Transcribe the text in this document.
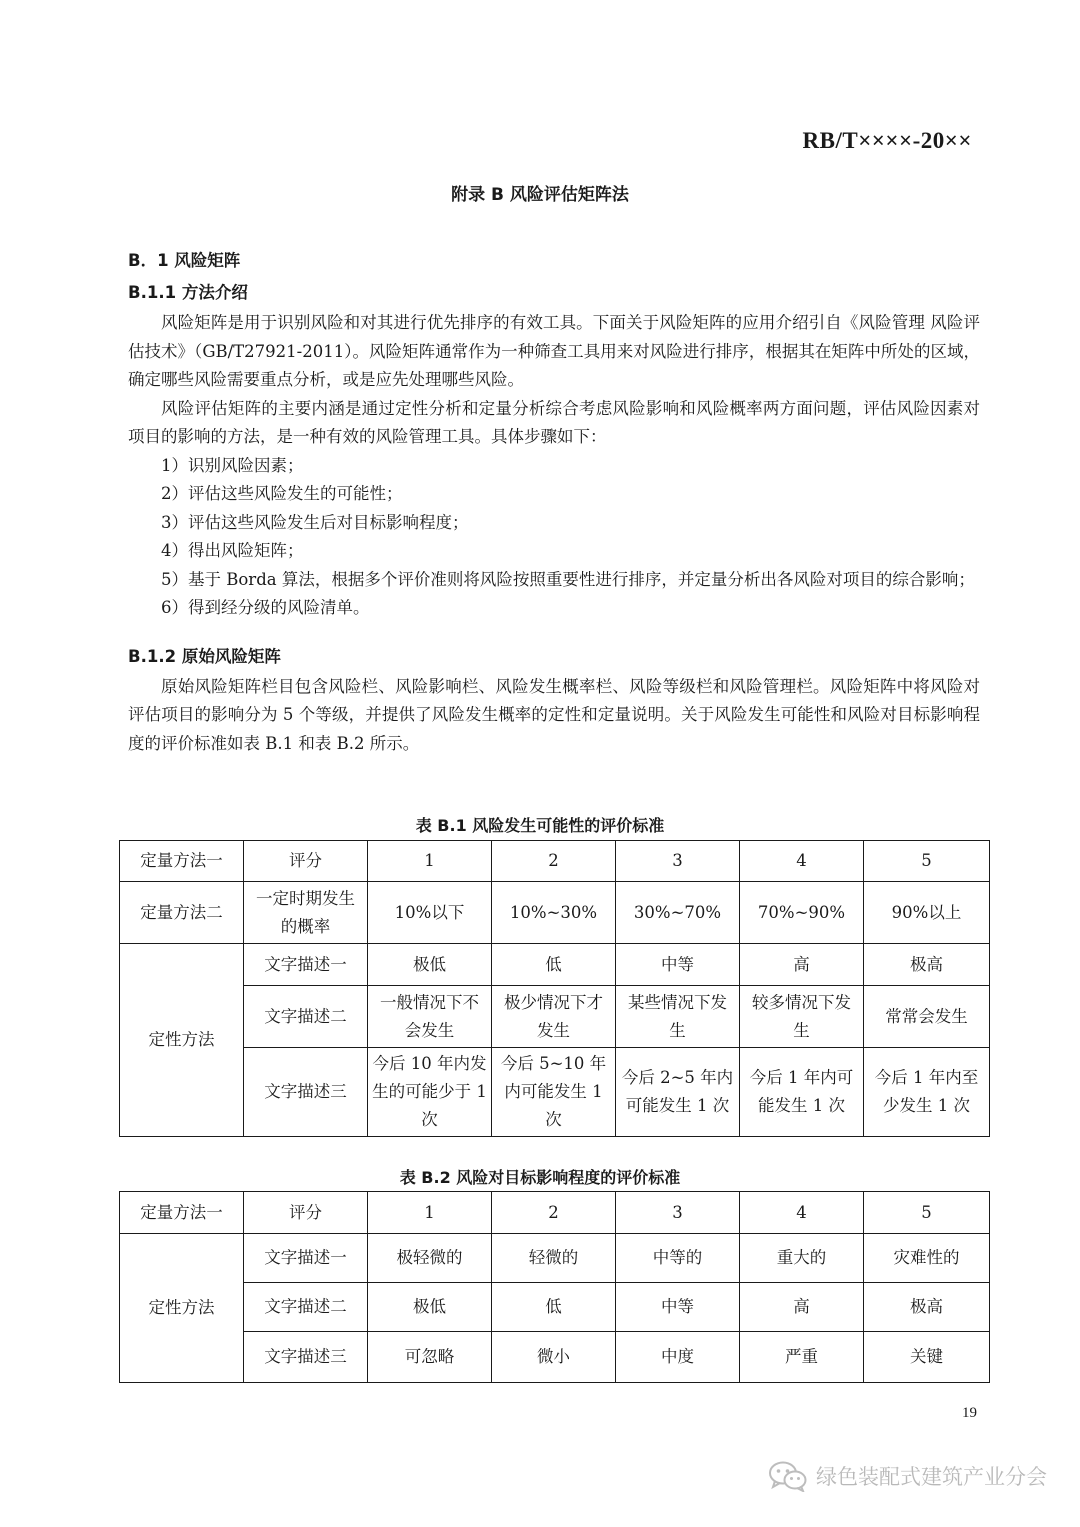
RB/T××××-20××
附录 B 风险评估矩阵法

B．1 风险矩阵

B.1.1 方法介绍

风险矩阵是用于识别风险和对其进行优先排序的有效工具。下面关于风险矩阵的应用介绍引自《风险管理 风险评估技术》（GB/T27921-2011）。风险矩阵通常作为一种筛查工具用来对风险进行排序，根据其在矩阵中所处的区域，确定哪些风险需要重点分析，或是应先处理哪些风险。

风险评估矩阵的主要内涵是通过定性分析和定量分析综合考虑风险影响和风险概率两方面问题，评估风险因素对项目的影响的方法，是一种有效的风险管理工具。具体步骤如下：

1）识别风险因素；

2）评估这些风险发生的可能性；

3）评估这些风险发生后对目标影响程度；

4）得出风险矩阵；

5）基于 Borda 算法，根据多个评价准则将风险按照重要性进行排序，并定量分析出各风险对项目的综合影响；

6）得到经分级的风险清单。

B.1.2 原始风险矩阵

原始风险矩阵栏目包含风险栏、风险影响栏、风险发生概率栏、风险等级栏和风险管理栏。风险矩阵中将风险对评估项目的影响分为 5 个等级，并提供了风险发生概率的定性和定量说明。关于风险发生可能性和风险对目标影响程度的评价标准如表 B.1 和表 B.2 所示。

表 B.1 风险发生可能性的评价标准
定量方法一	评分	1	2	3	4	5
定量方法二	一定时期发生的概率	10%以下	10%~30%	30%~70%	70%~90%	90%以上
定性方法	文字描述一	极低	低	中等	高	极高
	文字描述二	一般情况下不会发生	极少情况下才发生	某些情况下发生	较多情况下发生	常常会发生
	文字描述三	今后 10 年内发生的可能少于 1 次	今后 5~10 年内可能发生 1 次	今后 2~5 年内可能发生 1 次	今后 1 年内可能发生 1 次	今后 1 年内至少发生 1 次
表 B.2 风险对目标影响程度的评价标准
定量方法一	评分	1	2	3	4	5
定性方法	文字描述一	极轻微的	轻微的	中等的	重大的	灾难性的
	文字描述二	极低	低	中等	高	极高
	文字描述三	可忽略	微小	中度	严重	关键
19
绿色装配式建筑产业分会
